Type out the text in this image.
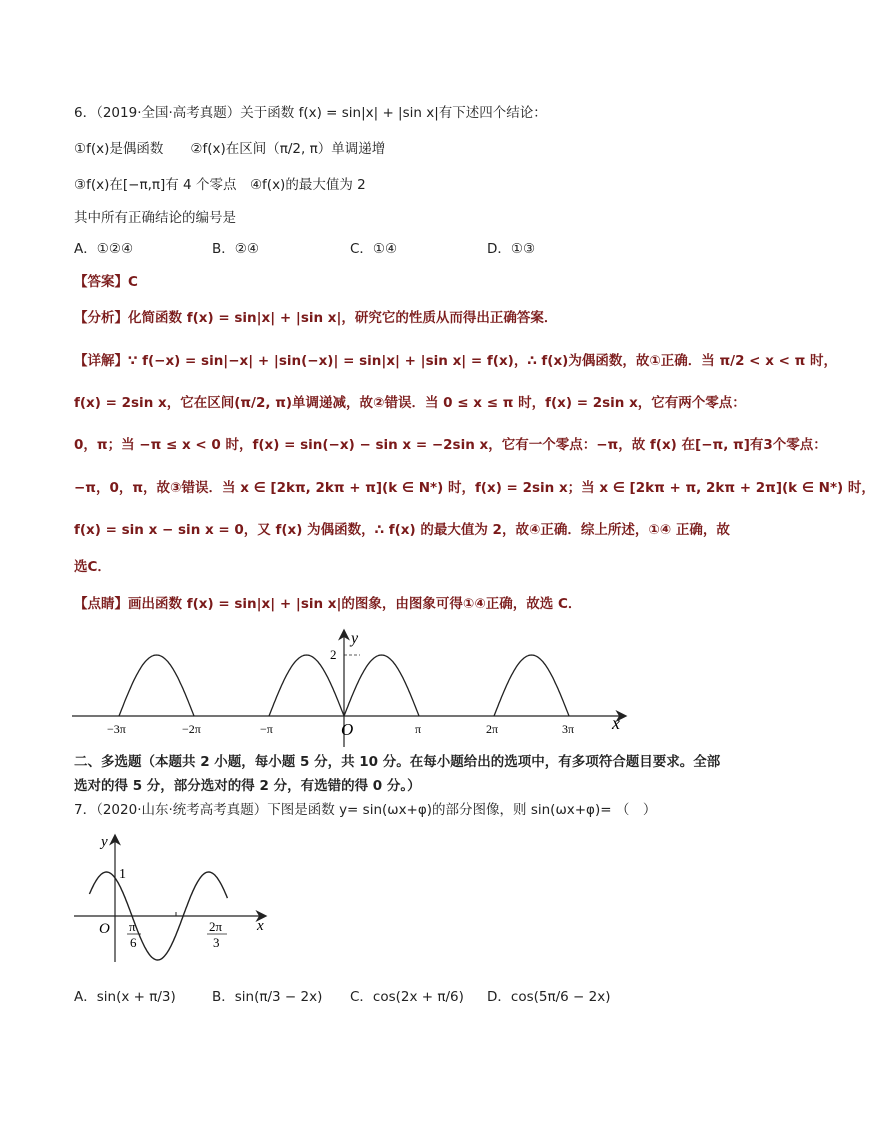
6．（2019·全国·高考真题）关于函数 f(x) = sin|x| + |sin x|有下述四个结论：
①f(x)是偶函数　　②f(x)在区间（π/2, π）单调递增
③f(x)在[−π,π]有 4 个零点　④f(x)的最大值为 2
其中所有正确结论的编号是
A．①②④	B．②④	C．①④	D．①③
【答案】C
【分析】化简函数 f(x) = sin|x| + |sin x|，研究它的性质从而得出正确答案．
【详解】∵ f(−x) = sin|−x| + |sin(−x)| = sin|x| + |sin x| = f(x)，∴ f(x)为偶函数，故①正确．当 π/2 < x < π 时，
f(x) = 2sin x，它在区间(π/2, π)单调递减，故②错误．当 0 ≤ x ≤ π 时，f(x) = 2sin x，它有两个零点：
0，π；当 −π ≤ x < 0 时，f(x) = sin(−x) − sin x = −2sin x，它有一个零点：−π，故 f(x) 在[−π, π]有3个零点：
−π，0，π，故③错误．当 x ∈ [2kπ, 2kπ + π](k ∈ N*) 时，f(x) = 2sin x；当 x ∈ [2kπ + π, 2kπ + 2π](k ∈ N*) 时，
f(x) = sin x − sin x = 0，又 f(x) 为偶函数，∴ f(x) 的最大值为 2，故④正确．综上所述，①④ 正确，故
选C．
【点睛】画出函数 f(x) = sin|x| + |sin x|的图象，由图象可得①④正确，故选 C．
2
y
x
O
−3π	−2π	−π	π	2π	3π
二、多选题（本题共 2 小题，每小题 5 分，共 10 分。在每小题给出的选项中，有多项符合题目要求。全部
选对的得 5 分，部分选对的得 2 分，有选错的得 0 分。）
7．（2020·山东·统考高考真题）下图是函数 y= sin(ωx+φ)的部分图像，则 sin(ωx+φ)= （　）
y
1
O	x
π
6
2π
3
A．sin(x + π/3)	B．sin(π/3 − 2x) C．cos(2x + π/6) D．cos(5π/6 − 2x)
